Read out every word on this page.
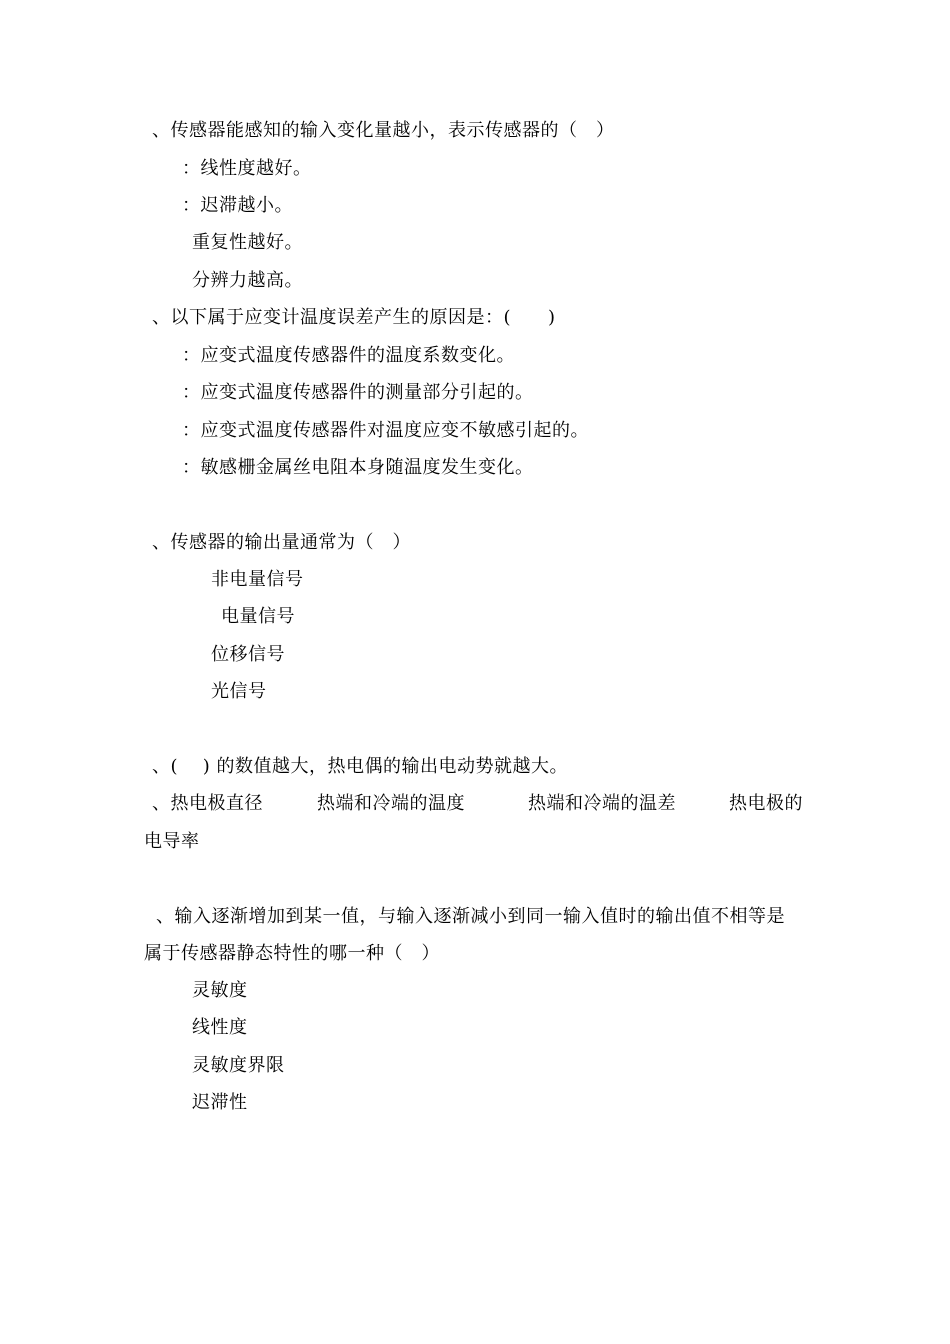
、传感器能感知的输入变化量越小，表示传感器的（　）
：线性度越好。
：迟滞越小。
重复性越好。
分辨力越高。
、以下属于应变计温度误差产生的原因是：(　　)
：应变式温度传感器件的温度系数变化。
：应变式温度传感器件的测量部分引起的。
：应变式温度传感器件对温度应变不敏感引起的。
：敏感栅金属丝电阻本身随温度发生变化。
、传感器的输出量通常为（　）
非电量信号
电量信号
位移信号
光信号
、(　 ) 的数值越大，热电偶的输出电动势就越大。
、热电极直径	热端和冷端的温度	热端和冷端的温差	热电极的
电导率
、输入逐渐增加到某一值，与输入逐渐减小到同一输入值时的输出值不相等是
属于传感器静态特性的哪一种（　）
灵敏度
线性度
灵敏度界限
迟滞性
